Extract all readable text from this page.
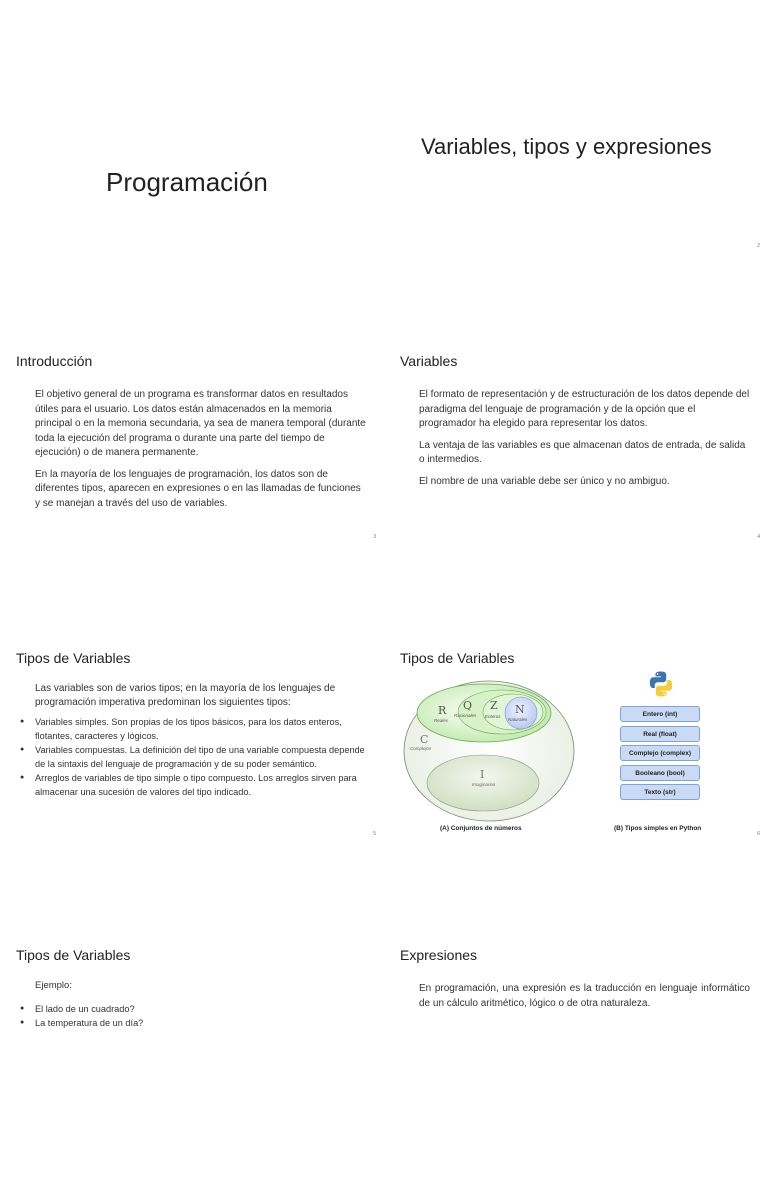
Programación
Variables, tipos y expresiones
2
Introducción

El objetivo general de un programa es transformar datos en resultados útiles para el usuario. Los datos están almacenados en la memoria principal o en la memoria secundaria, ya sea de manera temporal (durante toda la ejecución del programa o durante una parte del tiempo de ejecución) o de manera permanente.

En la mayoría de los lenguajes de programación, los datos son de diferentes tipos, aparecen en expresiones o en las llamadas de funciones y se manejan a través del uso de variables.

3
Variables

El formato de representación y de estructuración de los datos depende del paradigma del lenguaje de programación y de la opción que el programador ha elegido para representar los datos.

La ventaja de las variables es que almacenan datos de entrada, de salida o intermedios.

El nombre de una variable debe ser único y no ambiguo.

4
Tipos de Variables

Las variables son de varios tipos; en la mayoría de los lenguajes de programación imperativa predominan los siguientes tipos:

● Variables simples. Son propias de los tipos básicos, para los datos enteros, flotantes, caracteres y lógicos.
● Variables compuestas. La definición del tipo de una variable compuesta depende de la sintaxis del lenguaje de programación y de su poder semántico.
● Arreglos de variables de tipo simple o tipo compuesto. Los arreglos sirven para almacenar una sucesión de valores del tipo indicado.
5
Tipos de Variables
R
Reales
Q
Racionales
Z
Enteros
N
Naturales
C
Complejos
I
Imaginarios
(A) Conjuntos de números
Entero (int)
Real (float)
Complejo (complex)
Booleano (bool)
Texto (str)
(B) Tipos simples en Python
6
Tipos de Variables

Ejemplo:

● El lado de un cuadrado?
● La temperatura de un día?
Expresiones

En programación, una expresión es la traducción en lenguaje informático de un cálculo aritmético, lógico o de otra naturaleza.
